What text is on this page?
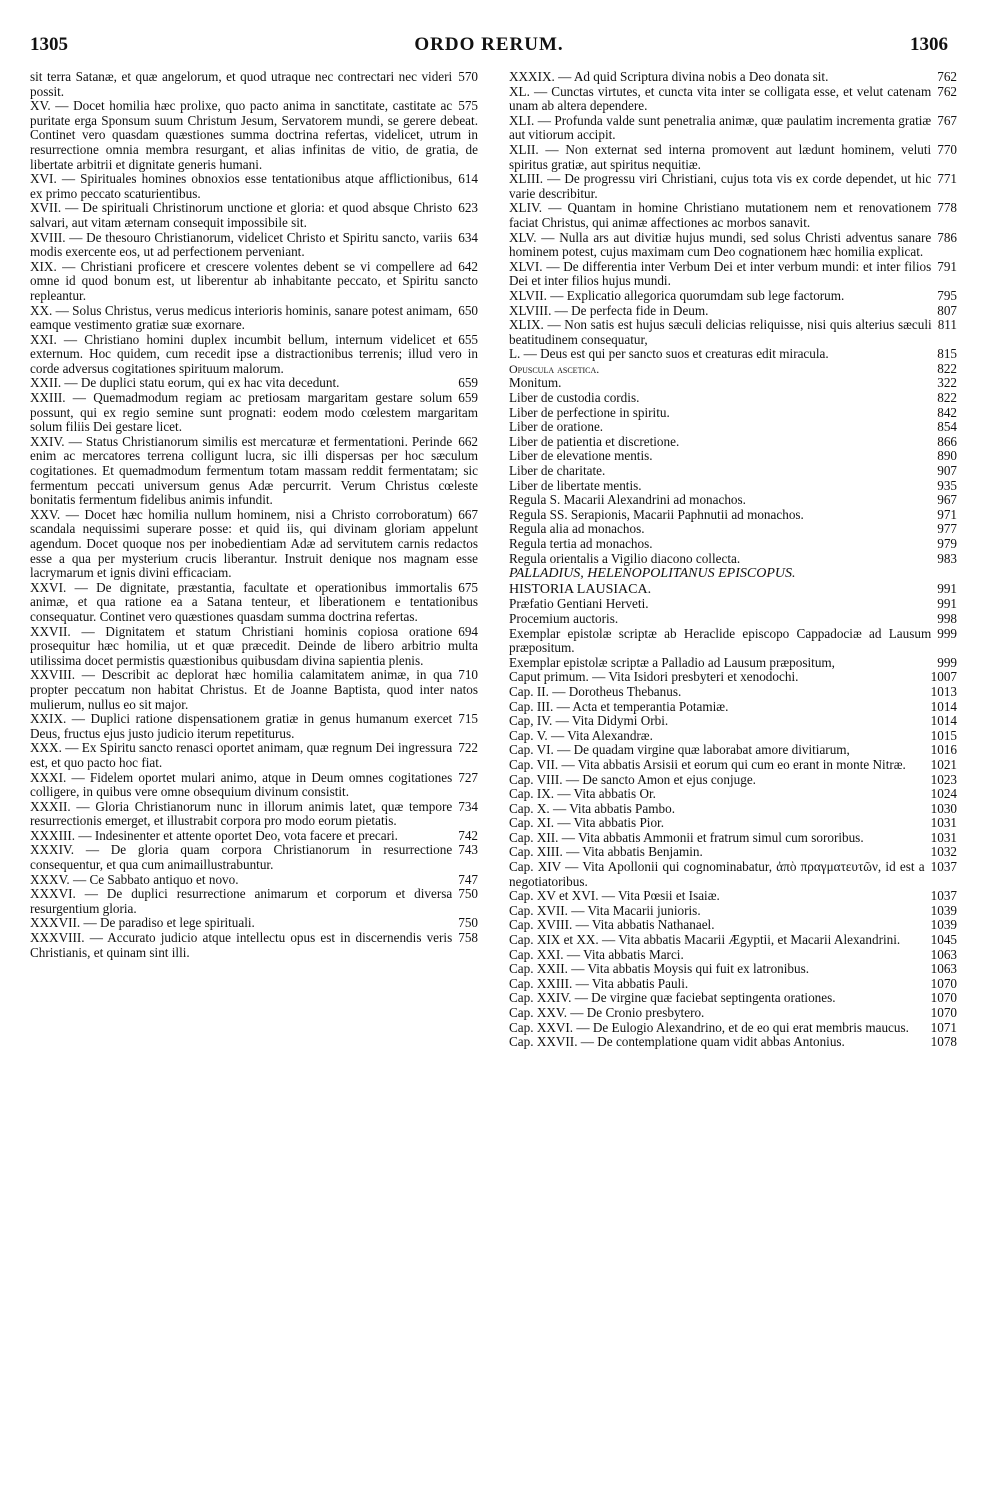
1305	ORDO RERUM.	1306
570
sit terra Satanæ, et quæ angelorum, et quod utraque nec contrectari nec videri possit.
575
XV. — Docet homilia hæc prolixe, quo pacto anima in sanctitate, castitate ac puritate erga Sponsum suum Christum Jesum, Servatorem mundi, se gerere debeat. Continet vero quasdam quæstiones summa doctrina refertas, videlicet, utrum in resurrectione omnia membra resurgant, et alias infinitas de vitio, de gratia, de libertate arbitrii et dignitate generis humani.
614
XVI. — Spirituales homines obnoxios esse tentationibus atque afflictionibus, ex primo peccato scaturientibus.
623
XVII. — De spirituali Christinorum unctione et gloria: et quod absque Christo salvari, aut vitam æternam consequit impossibile sit.
634
XVIII. — De thesouro Christianorum, videlicet Christo et Spiritu sancto, variis modis exercente eos, ut ad perfectionem perveniant.
642
XIX. — Christiani proficere et crescere volentes debent se vi compellere ad omne id quod bonum est, ut liberentur ab inhabitante peccato, et Spiritu sancto repleantur.
650
XX. — Solus Christus, verus medicus interioris hominis, sanare potest animam, eamque vestimento gratiæ suæ exornare.
655
XXI. — Christiano homini duplex incumbit bellum, internum videlicet et externum. Hoc quidem, cum recedit ipse a distractionibus terrenis; illud vero in corde adversus cogitationes spirituum malorum.
659
XXII. — De duplici statu eorum, qui ex hac vita decedunt.
659
XXIII. — Quemadmodum regiam ac pretiosam margaritam gestare solum possunt, qui ex regio semine sunt prognati: eodem modo cœlestem margaritam solum filiis Dei gestare licet.
662
XXIV. — Status Christianorum similis est mercaturæ et fermentationi. Perinde enim ac mercatores terrena colligunt lucra, sic illi dispersas per hoc sæculum cogitationes. Et quemadmodum fermentum totam massam reddit fermentatam; sic fermentum peccati universum genus Adæ percurrit. Verum Christus cœleste bonitatis fermentum fidelibus animis infundit.
667
XXV. — Docet hæc homilia nullum hominem, nisi a Christo corroboratum) scandala nequissimi superare posse: et quid iis, qui divinam gloriam appelunt agendum. Docet quoque nos per inobedientiam Adæ ad servitutem carnis redactos esse a qua per mysterium crucis liberantur. Instruit denique nos magnam esse lacrymarum et ignis divini efficaciam.
675
XXVI. — De dignitate, præstantia, facultate et operationibus immortalis animæ, et qua ratione ea a Satana tenteur, et liberationem e tentationibus consequatur. Continet vero quæstiones quasdam summa doctrina refertas.
694
XXVII. — Dignitatem et statum Christiani hominis copiosa oratione prosequitur hæc homilia, ut et quæ præcedit. Deinde de libero arbitrio multa utilissima docet permistis quæstionibus quibusdam divina sapientia plenis.
710
XXVIII. — Describit ac deplorat hæc homilia calamitatem animæ, in qua propter peccatum non habitat Christus. Et de Joanne Baptista, quod inter natos mulierum, nullus eo sit major.
715
XXIX. — Duplici ratione dispensationem gratiæ in genus humanum exercet Deus, fructus ejus justo judicio iterum repetiturus.
722
XXX. — Ex Spiritu sancto renasci oportet animam, quæ regnum Dei ingressura est, et quo pacto hoc fiat.
727
XXXI. — Fidelem oportet mulari animo, atque in Deum omnes cogitationes colligere, in quibus vere omne obsequium divinum consistit.
734
XXXII. — Gloria Christianorum nunc in illorum animis latet, quæ tempore resurrectionis emerget, et illustrabit corpora pro modo eorum pietatis.
742
XXXIII. — Indesinenter et attente oportet Deo, vota facere et precari.
743
XXXIV. — De gloria quam corpora Christianorum in resurrectione consequentur, et qua cum animaillustrabuntur.
747
XXXV. — Ce Sabbato antiquo et novo.
750
XXXVI. — De duplici resurrectione animarum et corporum et diversa resurgentium gloria.
750
XXXVII. — De paradiso et lege spirituali.
758
XXXVIII. — Accurato judicio atque intellectu opus est in discernendis veris Christianis, et quinam sint illi.
762
XXXIX. — Ad quid Scriptura divina nobis a Deo donata sit.
762
XL. — Cunctas virtutes, et cuncta vita inter se colligata esse, et velut catenam unam ab altera dependere.
767
XLI. — Profunda valde sunt penetralia animæ, quæ paulatim incrementa gratiæ aut vitiorum accipit.
770
XLII. — Non externat sed interna promovent aut lædunt hominem, veluti spiritus gratiæ, aut spiritus nequitiæ.
771
XLIII. — De progressu viri Christiani, cujus tota vis ex corde dependet, ut hic varie describitur.
778
XLIV. — Quantam in homine Christiano mutationem nem et renovationem faciat Christus, qui animæ affectiones ac morbos sanavit.
786
XLV. — Nulla ars aut divitiæ hujus mundi, sed solus Christi adventus sanare hominem potest, cujus maximam cum Deo cognationem hæc homilia explicat.
791
XLVI. — De differentia inter Verbum Dei et inter verbum mundi: et inter filios Dei et inter filios hujus mundi.
795
XLVII. — Explicatio allegorica quorumdam sub lege factorum.
807
XLVIII. — De perfecta fide in Deum.
811
XLIX. — Non satis est hujus sæculi delicias reliquisse, nisi quis alterius sæculi beatitudinem consequatur,
815
L. — Deus est qui per sancto suos et creaturas edit miracula.
822
Opuscula ascetica.
322
Monitum.
822
Liber de custodia cordis.
842
Liber de perfectione in spiritu.
854
Liber de oratione.
866
Liber de patientia et discretione.
890
Liber de elevatione mentis.
907
Liber de charitate.
935
Liber de libertate mentis.
967
Regula S. Macarii Alexandrini ad monachos.
971
Regula SS. Serapionis, Macarii Paphnutii ad monachos.
977
Regula alia ad monachos.
979
Regula tertia ad monachos.
983
Regula orientalis a Vigilio diacono collecta.
PALLADIUS, HELENOPOLITANUS EPISCOPUS.
991
HISTORIA LAUSIACA.
991
Præfatio Gentiani Herveti.
998
Procemium auctoris.
999
Exemplar epistolæ scriptæ ab Heraclide episcopo Cappadociæ ad Lausum præpositum.
999
Exemplar epistolæ scriptæ a Palladio ad Lausum præpositum,
1007
Caput primum. — Vita Isidori presbyteri et xenodochi.
1013
Cap. II. — Dorotheus Thebanus.
1014
Cap. III. — Acta et temperantia Potamiæ.
1014
Cap, IV. — Vita Didymi Orbi.
1015
Cap. V. — Vita Alexandræ.
1016
Cap. VI. — De quadam virgine quæ laborabat amore divitiarum,
1021
Cap. VII. — Vita abbatis Arsisii et eorum qui cum eo erant in monte Nitræ.
1023
Cap. VIII. — De sancto Amon et ejus conjuge.
1024
Cap. IX. — Vita abbatis Or.
1030
Cap. X. — Vita abbatis Pambo.
1031
Cap. XI. — Vita abbatis Pior.
1031
Cap. XII. — Vita abbatis Ammonii et fratrum simul cum sororibus.
1032
Cap. XIII. — Vita abbatis Benjamin.
1037
Cap. XIV — Vita Apollonii qui cognominabatur, ἀπὸ πραγματευτῶν, id est a negotiatoribus.
1037
Cap. XV et XVI. — Vita Pœsii et Isaiæ.
1039
Cap. XVII. — Vita Macarii junioris.
1039
Cap. XVIII. — Vita abbatis Nathanael.
1045
Cap. XIX et XX. — Vita abbatis Macarii Ægyptii, et Macarii Alexandrini.
1063
Cap. XXI. — Vita abbatis Marci.
1063
Cap. XXII. — Vita abbatis Moysis qui fuit ex latronibus.
1070
Cap. XXIII. — Vita abbatis Pauli.
1070
Cap. XXIV. — De virgine quæ faciebat septingenta orationes.
1070
Cap. XXV. — De Cronio presbytero.
1071
Cap. XXVI. — De Eulogio Alexandrino, et de eo qui erat membris maucus.
1078
Cap. XXVII. — De contemplatione quam vidit abbas Antonius.
